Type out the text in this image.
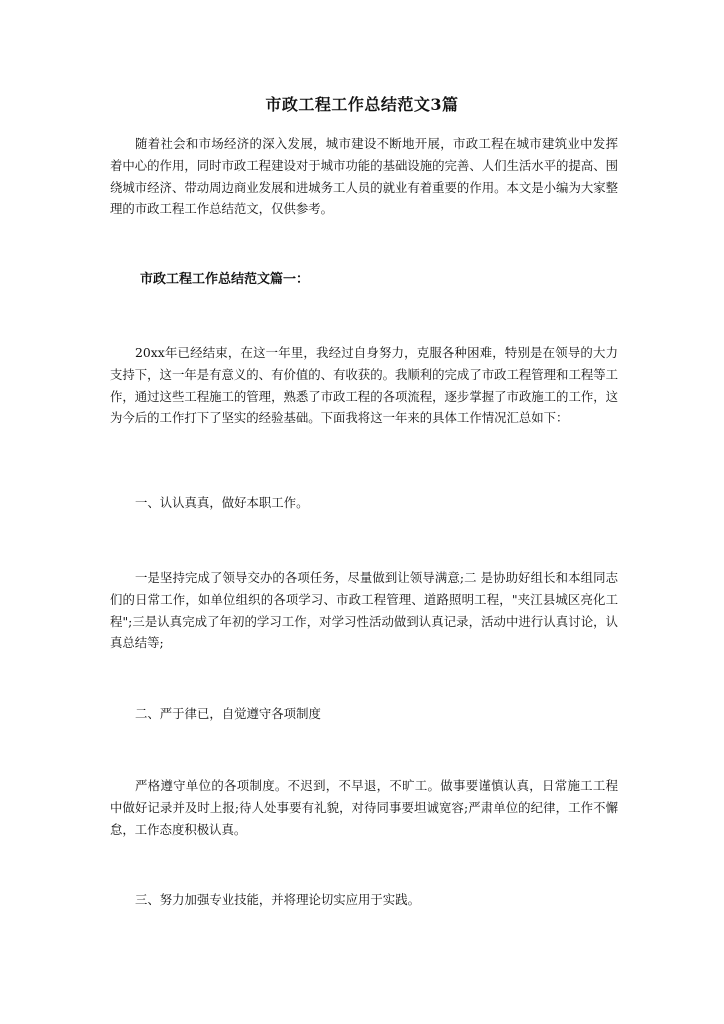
市政工程工作总结范文3篇

随着社会和市场经济的深入发展，城市建设不断地开展，市政工程在城市建筑业中发挥着中心的作用，同时市政工程建设对于城市功能的基础设施的完善、人们生活水平的提高、围绕城市经济、带动周边商业发展和进城务工人员的就业有着重要的作用。本文是小编为大家整理的市政工程工作总结范文，仅供参考。

市政工程工作总结范文篇一：

20xx年已经结束，在这一年里，我经过自身努力，克服各种困难，特别是在领导的大力支持下，这一年是有意义的、有价值的、有收获的。我顺利的完成了市政工程管理和工程等工作，通过这些工程施工的管理，熟悉了市政工程的各项流程，逐步掌握了市政施工的工作，这为今后的工作打下了坚实的经验基础。下面我将这一年来的具体工作情况汇总如下：

一、认认真真，做好本职工作。

一是坚持完成了领导交办的各项任务，尽量做到让领导满意;二 是协助好组长和本组同志们的日常工作，如单位组织的各项学习、市政工程管理、道路照明工程，"夹江县城区亮化工程";三是认真完成了年初的学习工作，对学习性活动做到认真记录，活动中进行认真讨论，认真总结等;

二、严于律已，自觉遵守各项制度

严格遵守单位的各项制度。不迟到，不早退，不旷工。做事要谨慎认真，日常施工工程中做好记录并及时上报;待人处事要有礼貌，对待同事要坦诚宽容;严肃单位的纪律，工作不懈怠，工作态度积极认真。

三、努力加强专业技能，并将理论切实应用于实践。
